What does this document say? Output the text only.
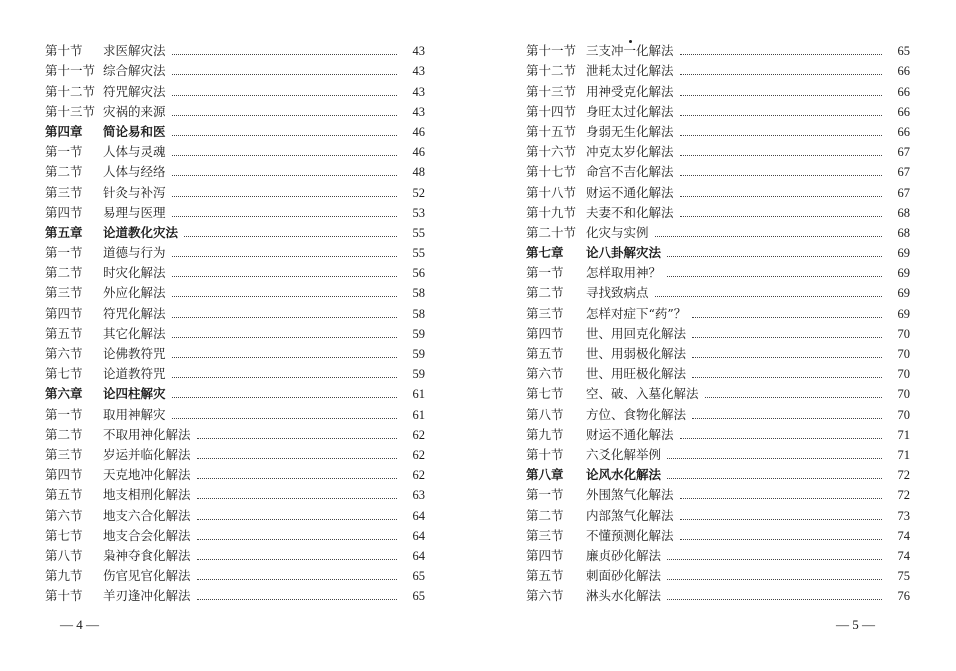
第十节	求医解灾法	43
第十一节 综合解灾法	43
第十二节 符咒解灾法	43
第十三节 灾祸的来源	43
第四章	简论易和医	46
第一节	人体与灵魂	46
第二节	人体与经络	48
第三节	针灸与补泻	52
第四节	易理与医理	53
第五章	论道教化灾法	55
第一节	道德与行为	55
第二节	时灾化解法	56
第三节	外应化解法	58
第四节	符咒化解法	58
第五节	其它化解法	59
第六节	论佛教符咒	59
第七节	论道教符咒	59
第六章	论四柱解灾	61
第一节	取用神解灾	61
第二节	不取用神化解法	62
第三节	岁运并临化解法	62
第四节	天克地冲化解法	62
第五节	地支相刑化解法	63
第六节	地支六合化解法	64
第七节	地支合会化解法	64
第八节	枭神夺食化解法	64
第九节	伤官见官化解法	65
第十节	羊刃逢冲化解法	65
第十一节 三支冲一化解法	65
第十二节 泄耗太过化解法	66
第十三节 用神受克化解法	66
第十四节 身旺太过化解法	66
第十五节 身弱无生化解法	66
第十六节 冲克太岁化解法	67
第十七节 命宫不吉化解法	67
第十八节 财运不通化解法	67
第十九节 夫妻不和化解法	68
第二十节 化灾与实例	68
第七章	论八卦解灾法	69
第一节	怎样取用神？	69
第二节	寻找致病点	69
第三节	怎样对症下“药”？	69
第四节	世、用回克化解法	70
第五节	世、用弱极化解法	70
第六节	世、用旺极化解法	70
第七节	空、破、入墓化解法	70
第八节	方位、食物化解法	70
第九节	财运不通化解法	71
第十节	六爻化解举例	71
第八章	论风水化解法	72
第一节	外围煞气化解法	72
第二节	内部煞气化解法	73
第三节	不懂预测化解法	74
第四节	廉贞砂化解法	74
第五节	刺面砂化解法	75
第六节	淋头水化解法	76
— 4 —	— 5 —
